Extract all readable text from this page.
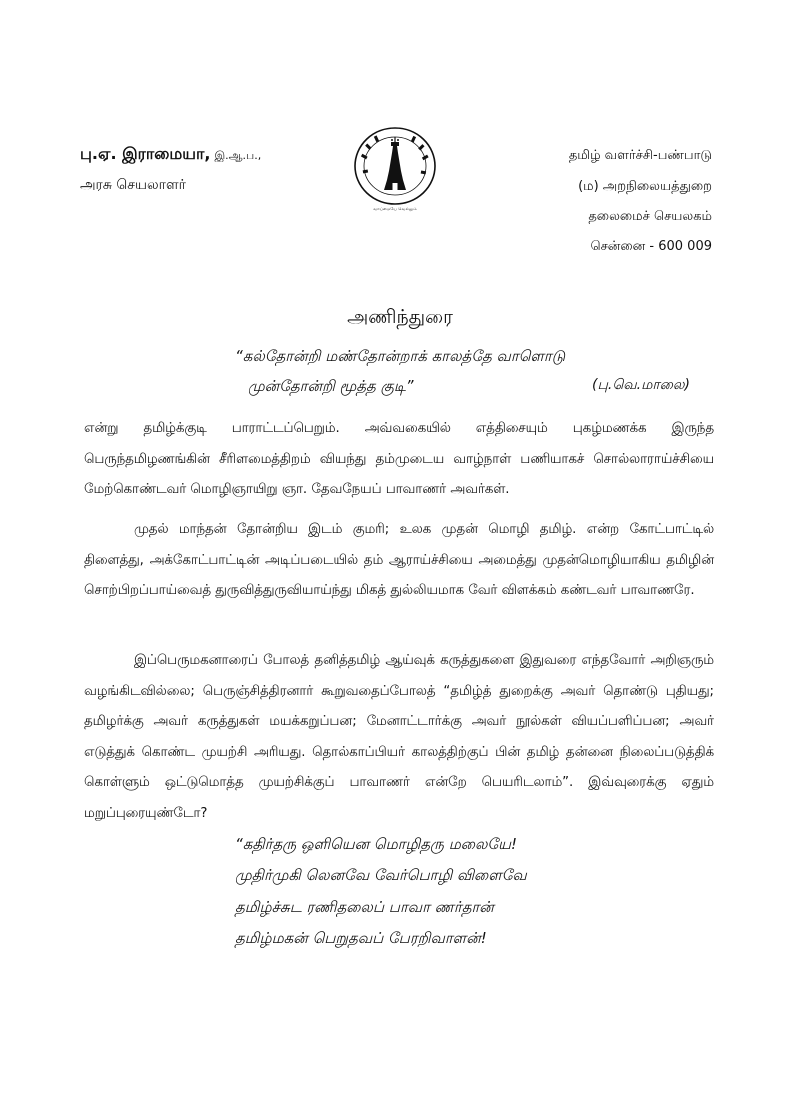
பு.ஏ. இராமையா, இ.ஆ.ப.,
அரசு செயலாளர்
வாய்மையே வெல்லும்
தமிழ் வளர்ச்சி-பண்பாடு
(ம) அறநிலையத்துறை
தலைமைச் செயலகம்
சென்னை - 600 009
அணிந்துரை
“கல்தோன்றி மண்தோன்றாக் காலத்தே வாளொடு
முன்தோன்றி மூத்த குடி”	(பு.வெ.மாலை)
என்று தமிழ்க்குடி பாராட்டப்பெறும். அவ்வகையில் எத்திசையும் புகழ்மணக்க இருந்த பெருந்தமிழணங்கின் சீரிளமைத்திறம் வியந்து தம்முடைய வாழ்நாள் பணியாகச் சொல்லாராய்ச்சியை மேற்கொண்டவர் மொழிஞாயிறு ஞா. தேவநேயப் பாவாணர் அவர்கள்.
முதல் மாந்தன் தோன்றிய இடம் குமரி; உலக முதன் மொழி தமிழ். என்ற கோட்பாட்டில் திளைத்து, அக்கோட்பாட்டின் அடிப்படையில் தம் ஆராய்ச்சியை அமைத்து முதன்மொழியாகிய தமிழின் சொற்பிறப்பாய்வைத் துருவித்துருவியாய்ந்து மிகத் துல்லியமாக வேர் விளக்கம் கண்டவர் பாவாணரே.
இப்பெருமகனாரைப் போலத் தனித்தமிழ் ஆய்வுக் கருத்துகளை இதுவரை எந்தவோர் அறிஞரும் வழங்கிடவில்லை; பெருஞ்சித்திரனார் கூறுவதைப்போலத் “தமிழ்த் துறைக்கு அவர் தொண்டு புதியது; தமிழர்க்கு அவர் கருத்துகள் மயக்கறுப்பன; மேனாட்டார்க்கு அவர் நூல்கள் வியப்பளிப்பன; அவர் எடுத்துக் கொண்ட முயற்சி அரியது. தொல்காப்பியர் காலத்திற்குப் பின் தமிழ் தன்னை நிலைப்படுத்திக் கொள்ளும் ஒட்டுமொத்த முயற்சிக்குப் பாவாணர் என்றே பெயரிடலாம்”. இவ்வுரைக்கு ஏதும் மறுப்புரையுண்டோ?
“கதிர்தரு ஒளியென மொழிதரு மலையே!
முதிர்முகி லெனவே வேர்பொழி விளைவே
தமிழ்ச்சுட ரணிதலைப் பாவா ணர்தான்
தமிழ்மகன் பெறுதவப் பேரறிவாளன்!
